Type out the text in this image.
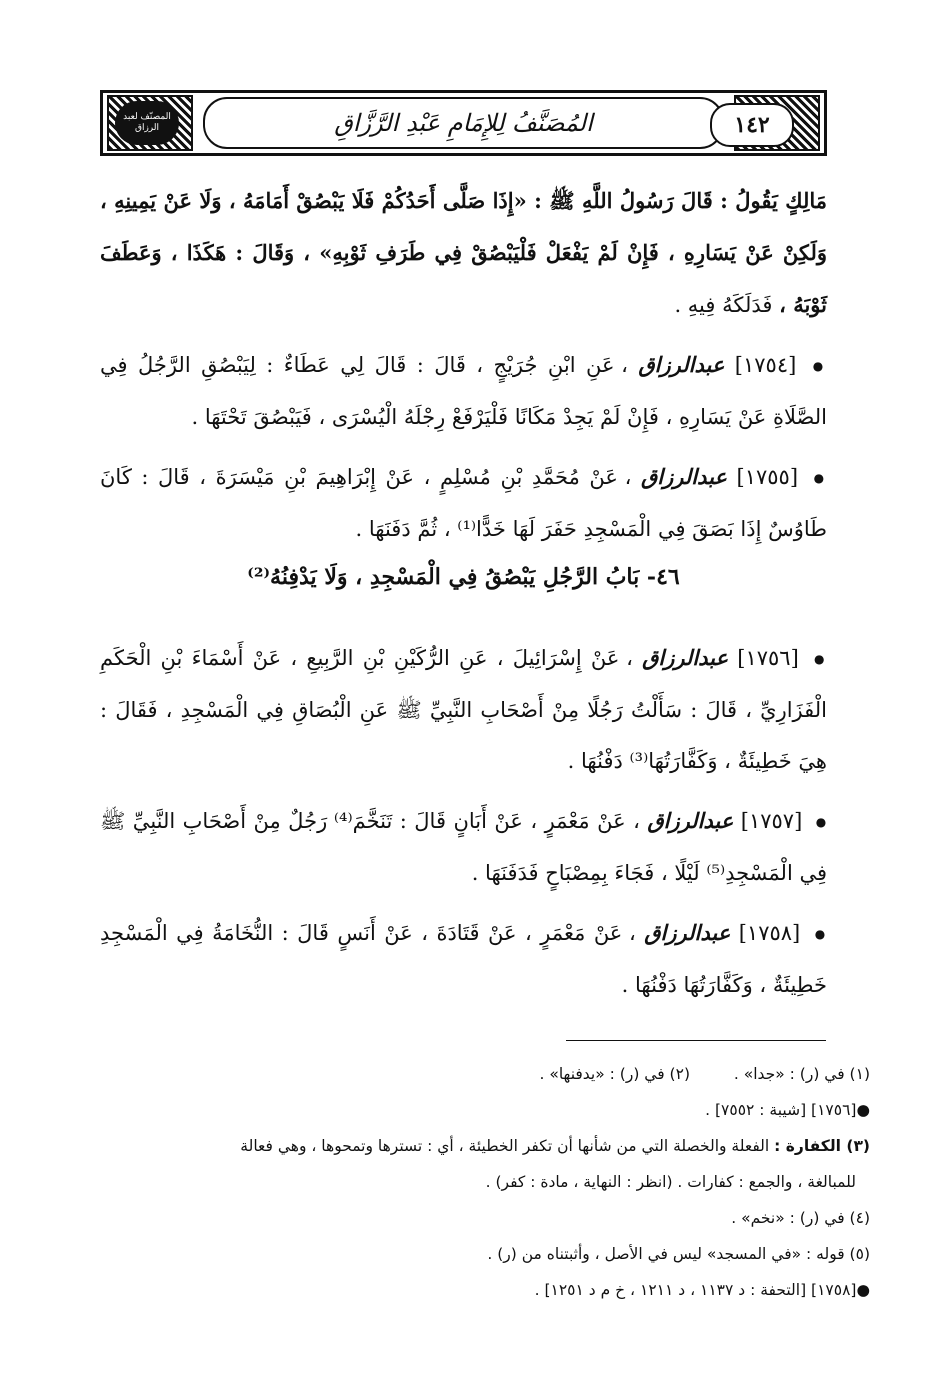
المصنّف لعبد الرزاق	المُصَنَّفُ لِلإِمَامِ عَبْدِ الرَّزَّاقِ	١٤٢

مَالِكٍ يَقُولُ : قَالَ رَسُولُ اللَّهِ ﷺ : «إِذَا صَلَّى أَحَدُكُمْ فَلَا يَبْصُقْ أَمَامَهُ ، وَلَا عَنْ يَمِينِهِ ، وَلَكِنْ عَنْ يَسَارِهِ ، فَإِنْ لَمْ يَفْعَلْ فَلْيَبْصُقْ فِي طَرَفِ ثَوْبِهِ» ، وَقَالَ : هَكَذَا ، وَعَطَفَ ثَوْبَهُ ، فَدَلَكَهُ فِيهِ .

● [١٧٥٤] عبدالرزاق ، عَنِ ابْنِ جُرَيْجٍ ، قَالَ : قَالَ لِي عَطَاءٌ : لِيَبْصُقِ الرَّجُلُ فِي الصَّلَاةِ عَنْ يَسَارِهِ ، فَإِنْ لَمْ يَجِدْ مَكَانًا فَلْيَرْفَعْ رِجْلَهُ الْيُسْرَى ، فَيَبْصُقَ تَحْتَهَا .

● [١٧٥٥] عبدالرزاق ، عَنْ مُحَمَّدِ بْنِ مُسْلِمٍ ، عَنْ إِبْرَاهِيمَ بْنِ مَيْسَرَةَ ، قَالَ : كَانَ طَاوُسٌ إِذَا بَصَقَ فِي الْمَسْجِدِ حَفَرَ لَهَا خَدًّا⁽¹⁾ ، ثُمَّ دَفَنَهَا .

٤٦- بَابُ الرَّجُلِ يَبْصُقُ فِي الْمَسْجِدِ ، وَلَا يَدْفِنُهُ⁽²⁾

● [١٧٥٦] عبدالرزاق ، عَنْ إِسْرَائِيلَ ، عَنِ الرُّكَيْنِ بْنِ الرَّبِيعِ ، عَنْ أَسْمَاءَ بْنِ الْحَكَمِ الْفَزَارِيِّ ، قَالَ : سَأَلْتُ رَجُلًا مِنْ أَصْحَابِ النَّبِيِّ ﷺ عَنِ الْبُصَاقِ فِي الْمَسْجِدِ ، فَقَالَ : هِيَ خَطِيئَةٌ ، وَكَفَّارَتُهَا⁽³⁾ دَفْنُهَا .

● [١٧٥٧] عبدالرزاق ، عَنْ مَعْمَرٍ ، عَنْ أَبَانٍ قَالَ : تَنَخَّمَ⁽⁴⁾ رَجُلٌ مِنْ أَصْحَابِ النَّبِيِّ ﷺ فِي الْمَسْجِدِ⁽⁵⁾ لَيْلًا ، فَجَاءَ بِمِصْبَاحٍ فَدَفَنَهَا .

● [١٧٥٨] عبدالرزاق ، عَنْ مَعْمَرٍ ، عَنْ قَتَادَةَ ، عَنْ أَنَسٍ قَالَ : النُّخَامَةُ فِي الْمَسْجِدِ خَطِيئَةٌ ، وَكَفَّارَتُهَا دَفْنُهَا .

(١) في (ر) : «جدا» .
(٢) في (ر) : «يدفنها» .
●[١٧٥٦] [شيبة : ٧٥٥٢] .
(٣) الكفارة : الفعلة والخصلة التي من شأنها أن تكفر الخطيئة ، أي : تسترها وتمحوها ، وهي فعالة
للمبالغة ، والجمع : كفارات . (انظر : النهاية ، مادة : كفر) .
(٤) في (ر) : «نخم» .
(٥) قوله : «في المسجد» ليس في الأصل ، وأثبتناه من (ر) .
●[١٧٥٨] [التحفة : د ١١٣٧ ، د ١٢١١ ، خ م د ١٢٥١] .
